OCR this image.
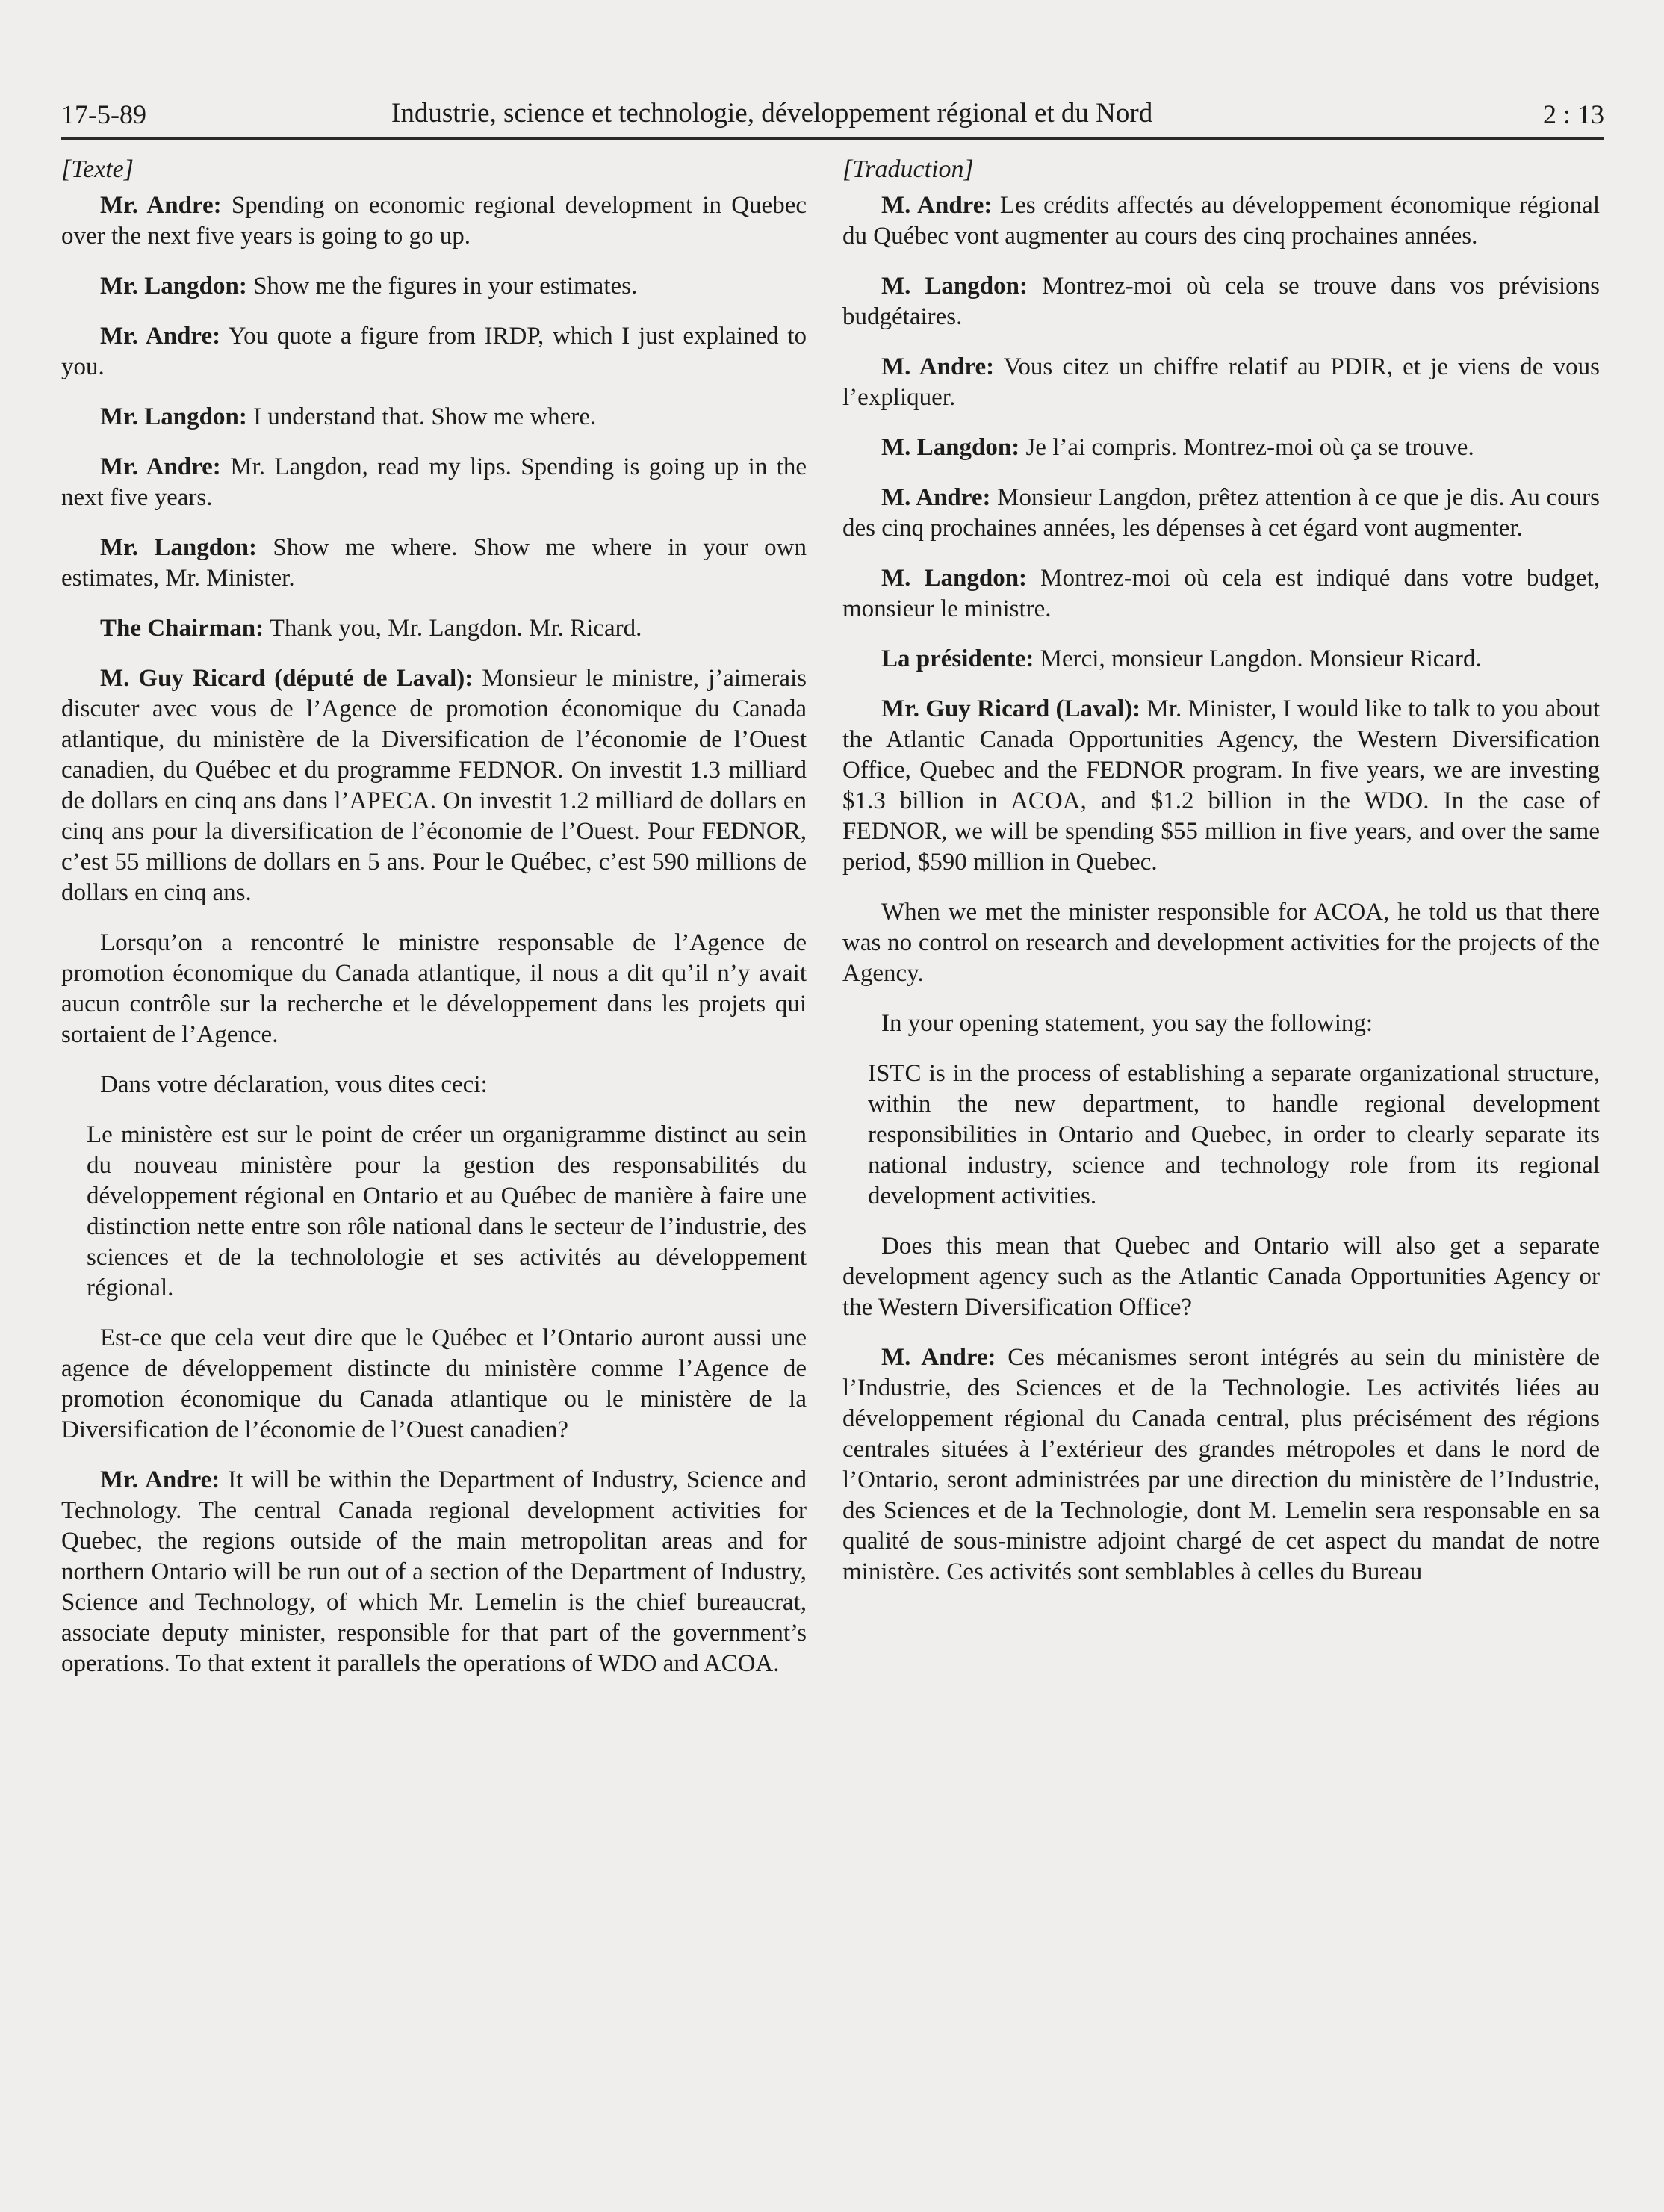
17-5-89	Industrie, science et technologie, développement régional et du Nord	2 : 13

[Texte]

Mr. Andre: Spending on economic regional development in Quebec over the next five years is going to go up.

Mr. Langdon: Show me the figures in your estimates.

Mr. Andre: You quote a figure from IRDP, which I just explained to you.

Mr. Langdon: I understand that. Show me where.

Mr. Andre: Mr. Langdon, read my lips. Spending is going up in the next five years.

Mr. Langdon: Show me where. Show me where in your own estimates, Mr. Minister.

The Chairman: Thank you, Mr. Langdon. Mr. Ricard.

M. Guy Ricard (député de Laval): Monsieur le ministre, j’aimerais discuter avec vous de l’Agence de promotion économique du Canada atlantique, du ministère de la Diversification de l’économie de l’Ouest canadien, du Québec et du programme FEDNOR. On investit 1.3 milliard de dollars en cinq ans dans l’APECA. On investit 1.2 milliard de dollars en cinq ans pour la diversification de l’économie de l’Ouest. Pour FEDNOR, c’est 55 millions de dollars en 5 ans. Pour le Québec, c’est 590 millions de dollars en cinq ans.

Lorsqu’on a rencontré le ministre responsable de l’Agence de promotion économique du Canada atlantique, il nous a dit qu’il n’y avait aucun contrôle sur la recherche et le développement dans les projets qui sortaient de l’Agence.

Dans votre déclaration, vous dites ceci:

Le ministère est sur le point de créer un organigramme distinct au sein du nouveau ministère pour la gestion des responsabilités du développement régional en Ontario et au Québec de manière à faire une distinction nette entre son rôle national dans le secteur de l’industrie, des sciences et de la technolologie et ses activités au développement régional.

Est-ce que cela veut dire que le Québec et l’Ontario auront aussi une agence de développement distincte du ministère comme l’Agence de promotion économique du Canada atlantique ou le ministère de la Diversification de l’économie de l’Ouest canadien?

Mr. Andre: It will be within the Department of Industry, Science and Technology. The central Canada regional development activities for Quebec, the regions outside of the main metropolitan areas and for northern Ontario will be run out of a section of the Department of Industry, Science and Technology, of which Mr. Lemelin is the chief bureaucrat, associate deputy minister, responsible for that part of the government’s operations. To that extent it parallels the operations of WDO and ACOA.

[Traduction]

M. Andre: Les crédits affectés au développement économique régional du Québec vont augmenter au cours des cinq prochaines années.

M. Langdon: Montrez-moi où cela se trouve dans vos prévisions budgétaires.

M. Andre: Vous citez un chiffre relatif au PDIR, et je viens de vous l’expliquer.

M. Langdon: Je l’ai compris. Montrez-moi où ça se trouve.

M. Andre: Monsieur Langdon, prêtez attention à ce que je dis. Au cours des cinq prochaines années, les dépenses à cet égard vont augmenter.

M. Langdon: Montrez-moi où cela est indiqué dans votre budget, monsieur le ministre.

La présidente: Merci, monsieur Langdon. Monsieur Ricard.

Mr. Guy Ricard (Laval): Mr. Minister, I would like to talk to you about the Atlantic Canada Opportunities Agency, the Western Diversification Office, Quebec and the FEDNOR program. In five years, we are investing $1.3 billion in ACOA, and $1.2 billion in the WDO. In the case of FEDNOR, we will be spending $55 million in five years, and over the same period, $590 million in Quebec.

When we met the minister responsible for ACOA, he told us that there was no control on research and development activities for the projects of the Agency.

In your opening statement, you say the following:

ISTC is in the process of establishing a separate organizational structure, within the new department, to handle regional development responsibilities in Ontario and Quebec, in order to clearly separate its national industry, science and technology role from its regional development activities.

Does this mean that Quebec and Ontario will also get a separate development agency such as the Atlantic Canada Opportunities Agency or the Western Diversification Office?

M. Andre: Ces mécanismes seront intégrés au sein du ministère de l’Industrie, des Sciences et de la Technologie. Les activités liées au développement régional du Canada central, plus précisément des régions centrales situées à l’extérieur des grandes métropoles et dans le nord de l’Ontario, seront administrées par une direction du ministère de l’Industrie, des Sciences et de la Technologie, dont M. Lemelin sera responsable en sa qualité de sous-ministre adjoint chargé de cet aspect du mandat de notre ministère. Ces activités sont semblables à celles du Bureau
